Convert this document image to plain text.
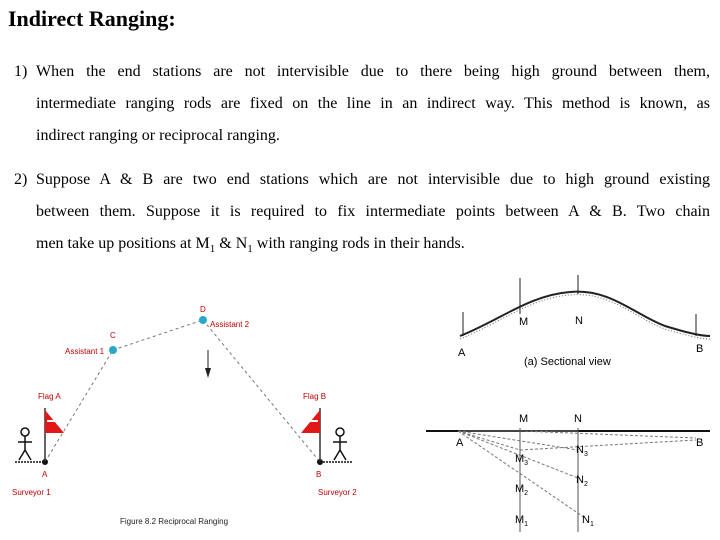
Indirect Ranging:
1) When the end stations are not intervisible due to there being high ground between them,
intermediate ranging rods are fixed on the line in an indirect way. This method is known, as
indirect ranging or reciprocal ranging.
2) Suppose A & B are two end stations which are not intervisible due to high ground existing
between them. Suppose it is required to fix intermediate points between A & B. Two chain
men take up positions at $M_1$ & $N_1$ with ranging rods in their hands.
D
Assistant 2
C
Assistant 1
Flag A	Flag B
A	B
Surveyor 1	Surveyor 2
Figure 8.2 Reciprocal Ranging
M	N
A	B
(a) Sectional view
M	N
A	B
$M_3$
$N_3$
$M_2$
$N_2$
$M_1$	$N_1$
